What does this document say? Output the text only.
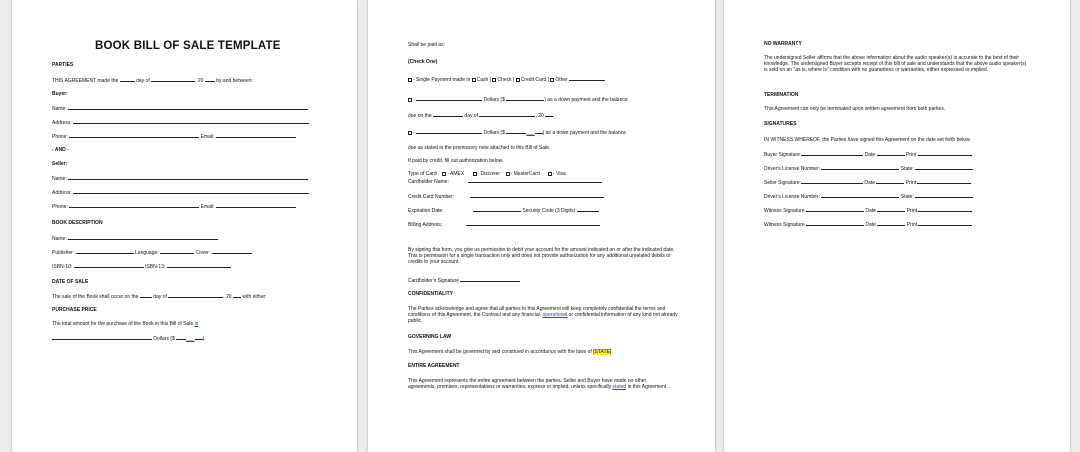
BOOK BILL OF SALE TEMPLATE
PARTIES
THIS AGREEMENT made the	day of	, 20	by and between:
Buyer:
Name:
Address:
Phone:	Email:
- AND -
Seller:
Name:
Address:
Phone:	Email:
BOOK DESCRIPTION
Name:
Publisher:	Language:	Cover:
ISBN-10:	ISBN-13:
DATE OF SALE
The sale of the Book shall occur on the	day of	, 20 with either:
PURCHASE PRICE
The total amount for the purchase of the Book in this Bill of Sale is
Dollars ($ ___ ).
Shall be paid as:
(Check One)
- Single Payment made in Cash | Check | Credit Card | Other
-	Dollars ($	) as a down payment and the balance
due on the	day of	, 20 .
-	Dollars ($	___ ) as a down payment and the balance
due as stated in the promissory note attached to this Bill of Sale.
If paid by credit, fill out authorization below.
Type of Card - AMEX	- Discover - MasterCard	- Visa
Cardholder Name:
Credit Card Number:
Expiration Date:	Security Code (3 Digits)
Billing Address:
By signing this form, you give us permission to debit your account for the amount indicated on or after the indicated date. This is permission for a single transaction only and does not provide authorization for any additional unrelated debits or credits to your account.
Cardholder's Signature
CONFIDENTIALITY
The Parties acknowledge and agree that all parties to this Agreement will keep completely confidential the terms and conditions of this Agreement, the Contract and any financial, operational or confidential information of any kind not already public.
GOVERNING LAW
This Agreement shall be governed by and construed in accordance with the laws of [STATE].
ENTIRE AGREEMENT
This Agreement represents the entire agreement between the parties. Seller and Buyer have made no other agreements, promises, representations or warranties, express or implied, unless specifically stated in this Agreement.
NO WARRANTY
The undersigned Seller affirms that the above information about the audio speaker(s) is accurate to the best of their knowledge. The undersigned Buyer accepts receipt of this bill of sale and understands that the above audio speaker(s) is sold on an "as is, where is" condition with no guarantees or warranties, either expressed or implied.
TERMINATION
This Agreement can only be terminated upon written agreement from both parties.
SIGNATURES
IN WITNESS WHEREOF, the Parties have signed this Agreement on the date set forth below.
Buyer Signature	Date	Print
Driver's License Number:	State:
Seller Signature	Date	Print
Driver's License Number:	State:
Witness Signature	Date	Print
Witness Signature	Date	Print
